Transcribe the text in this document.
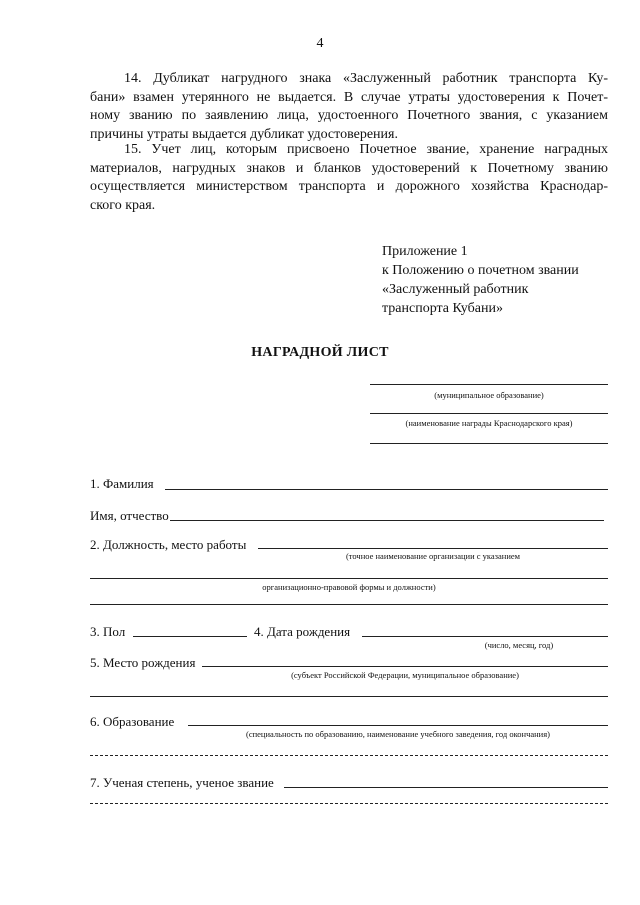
4
14. Дубликат нагрудного знака «Заслуженный работник транспорта Ку-
бани» взамен утерянного не выдается. В случае утраты удостоверения к Почет-
ному званию по заявлению лица, удостоенного Почетного звания, с указанием
причины утраты выдается дубликат удостоверения.
15. Учет лиц, которым присвоено Почетное звание, хранение наградных
материалов, нагрудных знаков и бланков удостоверений к Почетному званию
осуществляется министерством транспорта и дорожного хозяйства Краснодар-
ского края.
Приложение 1
к Положению о почетном звании
«Заслуженный работник
транспорта Кубани»
НАГРАДНОЙ ЛИСТ
(муниципальное образование)
(наименование награды Краснодарского края)
1. Фамилия
Имя, отчество
2. Должность, место работы
(точное наименование организации с указанием
организационно-правовой формы и должности)
3. Пол	4. Дата рождения
(число, месяц, год)
5. Место рождения
(субъект Российской Федерации, муниципальное образование)
6. Образование
(специальность по образованию, наименование учебного заведения, год окончания)
7. Ученая степень, ученое звание
